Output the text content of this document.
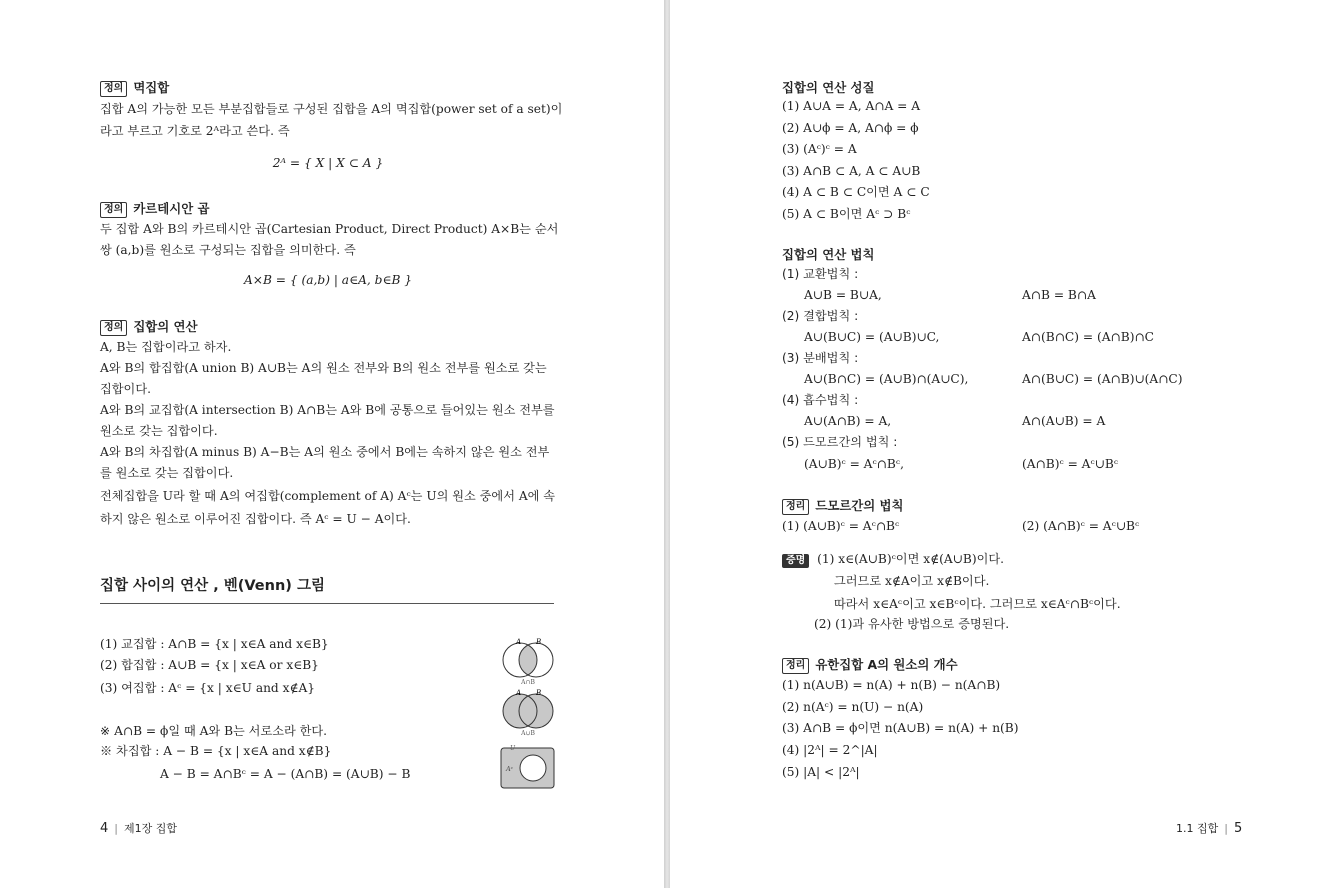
정의 멱집합
집합 A의 가능한 모든 부분집합들로 구성된 집합을 A의 멱집합(power set of a set)이
라고 부르고 기호로 2ᴬ라고 쓴다. 즉
2ᴬ = { X | X ⊂ A }
정의 카르테시안 곱
두 집합 A와 B의 카르테시안 곱(Cartesian Product, Direct Product) A×B는 순서
쌍 (a,b)를 원소로 구성되는 집합을 의미한다. 즉
A×B = { (a,b) | a∈A, b∈B }
정의 집합의 연산
A, B는 집합이라고 하자.
A와 B의 합집합(A union B) A∪B는 A의 원소 전부와 B의 원소 전부를 원소로 갖는
집합이다.
A와 B의 교집합(A intersection B) A∩B는 A와 B에 공통으로 들어있는 원소 전부를
원소로 갖는 집합이다.
A와 B의 차집합(A minus B) A−B는 A의 원소 중에서 B에는 속하지 않은 원소 전부
를 원소로 갖는 집합이다.
전체집합을 U라 할 때 A의 여집합(complement of A) Aᶜ는 U의 원소 중에서 A에 속
하지 않은 원소로 이루어진 집합이다. 즉 Aᶜ = U − A이다.
집합 사이의 연산 , 벤(Venn) 그림
(1) 교집합 : A∩B = {x | x∈A and x∈B}
(2) 합집합 : A∪B = {x | x∈A or x∈B}
(3) 여집합 : Aᶜ = {x | x∈U and x∉A}
※ A∩B = ϕ일 때 A와 B는 서로소라 한다.
※ 차집합 : A − B = {x | x∈A and x∉B}
A − B = A∩Bᶜ = A − (A∩B) = (A∪B) − B
A B
A∩B
A B
A∪B
U
Aᶜ
4 | 제1장 집합
집합의 연산 성질
(1) A∪A = A, A∩A = A
(2) A∪ϕ = A, A∩ϕ = ϕ
(3) (Aᶜ)ᶜ = A
(3) A∩B ⊂ A, A ⊂ A∪B
(4) A ⊂ B ⊂ C이면 A ⊂ C
(5) A ⊂ B이면 Aᶜ ⊃ Bᶜ
집합의 연산 법칙
(1) 교환법칙 :
A∪B = B∪A,	A∩B = B∩A
(2) 결합법칙 :
A∪(B∪C) = (A∪B)∪C,	A∩(B∩C) = (A∩B)∩C
(3) 분배법칙 :
A∪(B∩C) = (A∪B)∩(A∪C),	A∩(B∪C) = (A∩B)∪(A∩C)
(4) 흡수법칙 :
A∪(A∩B) = A,	A∩(A∪B) = A
(5) 드모르간의 법칙 :
(A∪B)ᶜ = Aᶜ∩Bᶜ,	(A∩B)ᶜ = Aᶜ∪Bᶜ
정리 드모르간의 법칙
(1) (A∪B)ᶜ = Aᶜ∩Bᶜ	(2) (A∩B)ᶜ = Aᶜ∪Bᶜ
증명 (1) x∈(A∪B)ᶜ이면 x∉(A∪B)이다.
그러므로 x∉A이고 x∉B이다.
따라서 x∈Aᶜ이고 x∈Bᶜ이다. 그러므로 x∈Aᶜ∩Bᶜ이다.
(2) (1)과 유사한 방법으로 증명된다.
정리 유한집합 A의 원소의 개수
(1) n(A∪B) = n(A) + n(B) − n(A∩B)
(2) n(Aᶜ) = n(U) − n(A)
(3) A∩B = ϕ이면 n(A∪B) = n(A) + n(B)
(4) |2ᴬ| = 2^|A|
(5) |A| < |2ᴬ|
1.1 집합 | 5
